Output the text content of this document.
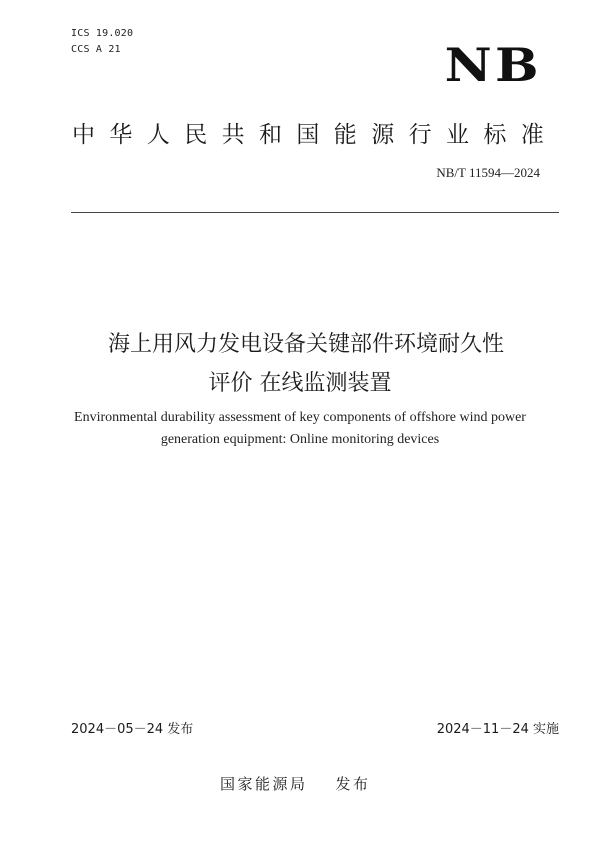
ICS 19.020
CCS A 21	NB
中华人民共和国能源行业标准
NB/T 11594—2024
海上用风力发电设备关键部件环境耐久性
评价 在线监测装置
Environmental durability assessment of key components of offshore wind power
generation equipment: Online monitoring devices
2024－05－24 发布	2024－11－24 实施
国家能源局 发布
